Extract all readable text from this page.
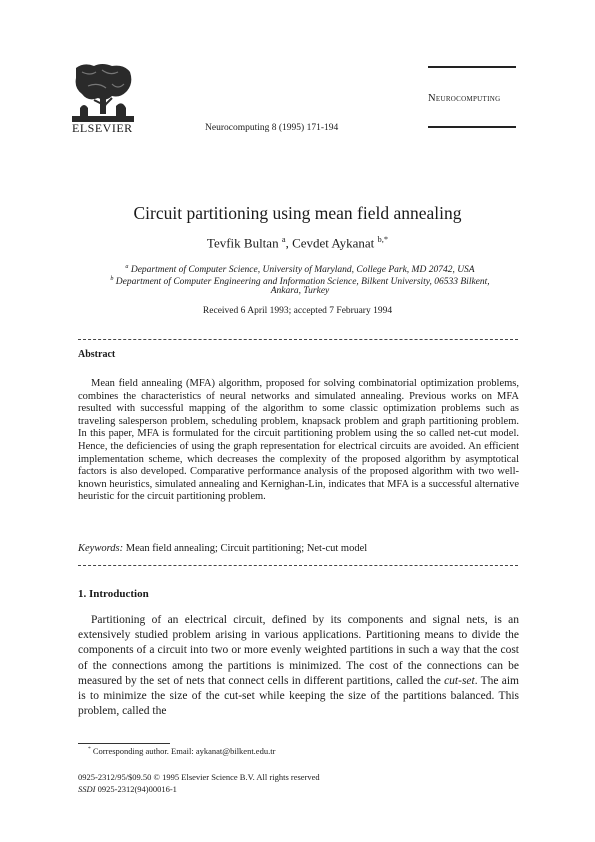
ELSEVIER	Neurocomputing 8 (1995) 171-194
Neurocomputing
Circuit partitioning using mean field annealing
Tevfik Bultan $^a$, Cevdet Aykanat $^{b,*}$
$^a$ Department of Computer Science, University of Maryland, College Park, MD 20742, USA
$^b$ Department of Computer Engineering and Information Science, Bilkent University, 06533 Bilkent,
Ankara, Turkey
Received 6 April 1993; accepted 7 February 1994
Abstract
Mean field annealing (MFA) algorithm, proposed for solving combinatorial optimization problems, combines the characteristics of neural networks and simulated annealing. Previous works on MFA resulted with successful mapping of the algorithm to some classic optimization problems such as traveling salesperson problem, scheduling problem, knapsack problem and graph partitioning problem. In this paper, MFA is formulated for the circuit partitioning problem using the so called net-cut model. Hence, the deficiencies of using the graph representation for electrical circuits are avoided. An efficient implementation scheme, which decreases the complexity of the proposed algorithm by asymptotical factors is also developed. Comparative performance analysis of the proposed algorithm with two well-known heuristics, simulated annealing and Kernighan-Lin, indicates that MFA is a successful alternative heuristic for the circuit partitioning problem.
Keywords: Mean field annealing; Circuit partitioning; Net-cut model
1. Introduction
Partitioning of an electrical circuit, defined by its components and signal nets, is an extensively studied problem arising in various applications. Partitioning means to divide the components of a circuit into two or more evenly weighted partitions in such a way that the cost of the connections among the partitions is minimized. The cost of the connections can be measured by the set of nets that connect cells in different partitions, called the cut-set. The aim is to minimize the size of the cut-set while keeping the size of the partitions balanced. This problem, called the
* Corresponding author. Email: aykanat@bilkent.edu.tr
0925-2312/95/$09.50 © 1995 Elsevier Science B.V. All rights reserved
SSDI 0925-2312(94)00016-1
